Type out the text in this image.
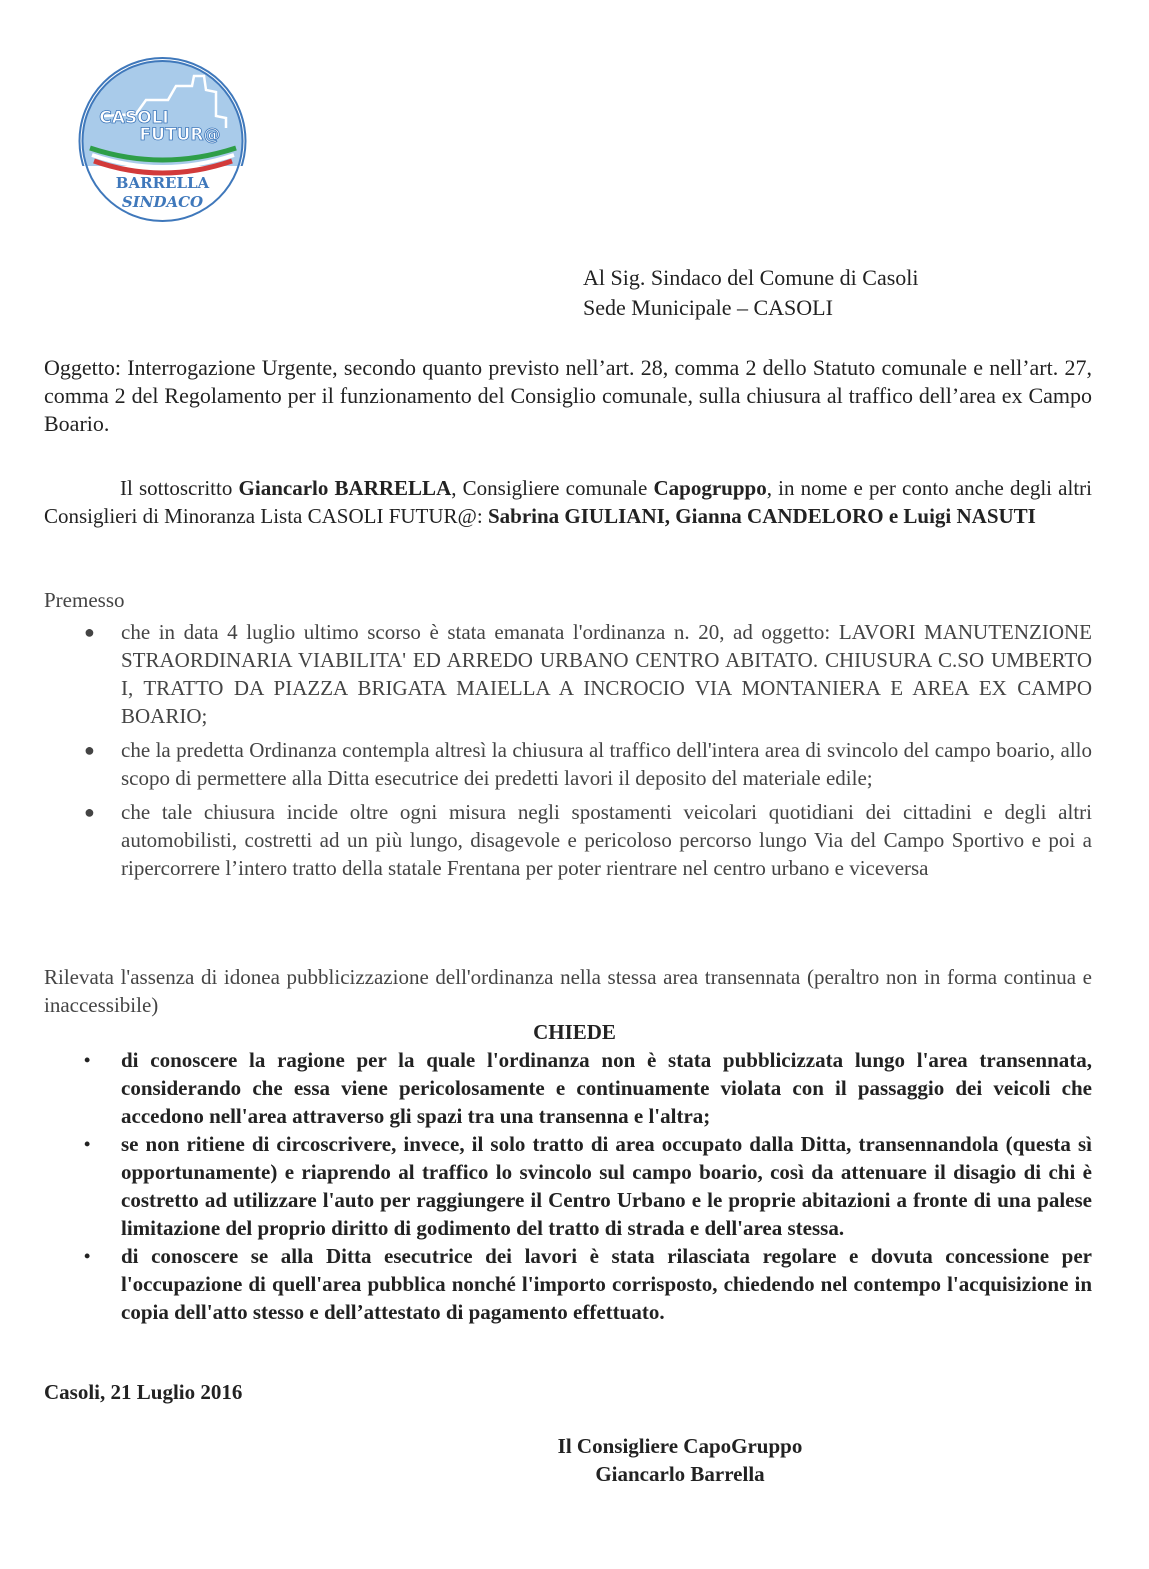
CASOLI
FUTUR@
BARRELLA
SINDACO
Al Sig. Sindaco del Comune di Casoli
Sede Municipale – CASOLI

Oggetto: Interrogazione Urgente, secondo quanto previsto nell’art. 28, comma 2 dello Statuto comunale e nell’art. 27, comma 2 del Regolamento per il funzionamento del Consiglio comunale, sulla chiusura al traffico dell’area ex Campo Boario.

Il sottoscritto Giancarlo BARRELLA, Consigliere comunale Capogruppo, in nome e per conto anche degli altri Consiglieri di Minoranza Lista CASOLI FUTUR@: Sabrina GIULIANI, Gianna CANDELORO e Luigi NASUTI

Premesso
● che in data 4 luglio ultimo scorso è stata emanata l'ordinanza n. 20, ad oggetto: LAVORI MANUTENZIONE STRAORDINARIA VIABILITA' ED ARREDO URBANO CENTRO ABITATO. CHIUSURA C.SO UMBERTO I, TRATTO DA PIAZZA BRIGATA MAIELLA A INCROCIO VIA MONTANIERA E AREA EX CAMPO BOARIO;
● che la predetta Ordinanza contempla altresì la chiusura al traffico dell'intera area di svincolo del campo boario, allo scopo di permettere alla Ditta esecutrice dei predetti lavori il deposito del materiale edile;
● che tale chiusura incide oltre ogni misura negli spostamenti veicolari quotidiani dei cittadini e degli altri automobilisti, costretti ad un più lungo, disagevole e pericoloso percorso lungo Via del Campo Sportivo e poi a ripercorrere l’intero tratto della statale Frentana per poter rientrare nel centro urbano e viceversa

Rilevata l'assenza di idonea pubblicizzazione dell'ordinanza nella stessa area transennata (peraltro non in forma continua e inaccessibile)

CHIEDE
• di conoscere la ragione per la quale l'ordinanza non è stata pubblicizzata lungo l'area transennata, considerando che essa viene pericolosamente e continuamente violata con il passaggio dei veicoli che accedono nell'area attraverso gli spazi tra una transenna e l'altra;
• se non ritiene di circoscrivere, invece, il solo tratto di area occupato dalla Ditta, transennandola (questa sì opportunamente) e riaprendo al traffico lo svincolo sul campo boario, così da attenuare il disagio di chi è costretto ad utilizzare l'auto per raggiungere il Centro Urbano e le proprie abitazioni a fronte di una palese limitazione del proprio diritto di godimento del tratto di strada e dell'area stessa.
• di conoscere se alla Ditta esecutrice dei lavori è stata rilasciata regolare e dovuta concessione per l'occupazione di quell'area pubblica nonché l'importo corrisposto, chiedendo nel contempo l'acquisizione in copia dell'atto stesso e dell’attestato di pagamento effettuato.
Casoli, 21 Luglio 2016
Il Consigliere CapoGruppo
Giancarlo Barrella
